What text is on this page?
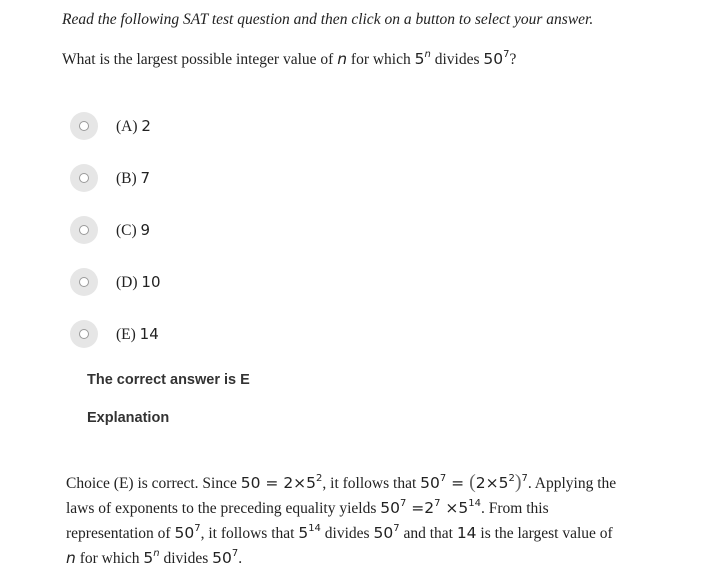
Read the following SAT test question and then click on a button to select your answer.
What is the largest possible integer value of n for which 5$^n$ divides $50^7$?
(A) 2
(B) 7
(C) 9
(D) 10
(E) 14
The correct answer is E
Explanation
Choice (E) is correct. Since $50 = 2\times 5^2$, it follows that $50^7 = (2\times 5^2)^7$. Applying the laws of exponents to the preceding equality yields $50^7 =2^7 \times 5^{14}$. From this representation of $50^7$, it follows that $5^{14}$ divides $50^7$ and that 14 is the largest value of n for which 5$^n$ divides $50^7$.
